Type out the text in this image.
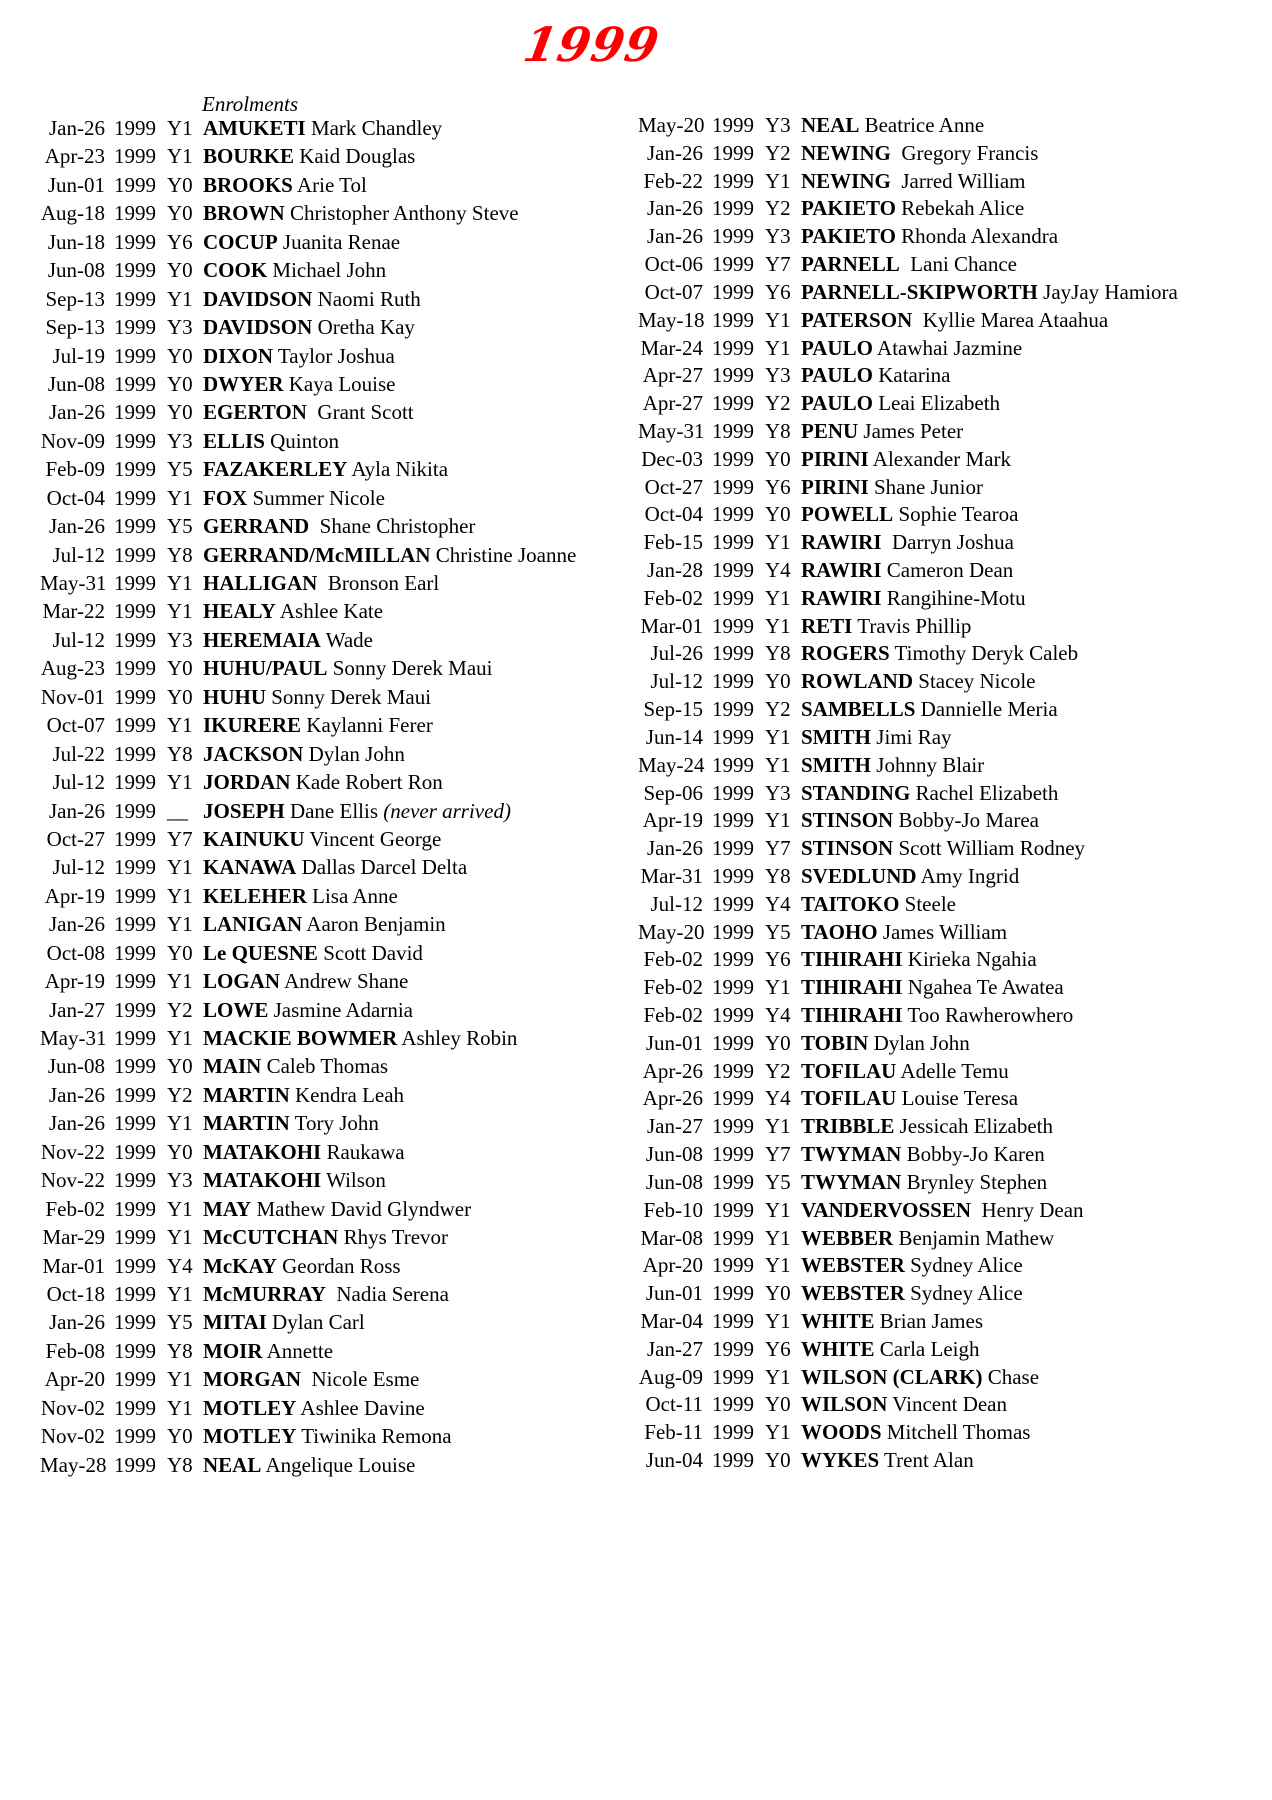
1999
Enrolments
Jan-26 1999 Y1 AMUKETI Mark Chandley
Apr-23 1999 Y1 BOURKE Kaid Douglas
Jun-01 1999 Y0 BROOKS Arie Tol
Aug-18 1999 Y0 BROWN Christopher Anthony Steve
Jun-18 1999 Y6 COCUP Juanita Renae
Jun-08 1999 Y0 COOK Michael John
Sep-13 1999 Y1 DAVIDSON Naomi Ruth
Sep-13 1999 Y3 DAVIDSON Oretha Kay
Jul-19 1999 Y0 DIXON Taylor Joshua
Jun-08 1999 Y0 DWYER Kaya Louise
Jan-26 1999 Y0 EGERTON  Grant Scott
Nov-09 1999 Y3 ELLIS Quinton
Feb-09 1999 Y5 FAZAKERLEY Ayla Nikita
Oct-04 1999 Y1 FOX Summer Nicole
Jan-26 1999 Y5 GERRAND  Shane Christopher
Jul-12 1999 Y8 GERRAND/McMILLAN Christine Joanne
May-31 1999 Y1 HALLIGAN  Bronson Earl
Mar-22 1999 Y1 HEALY Ashlee Kate
Jul-12 1999 Y3 HEREMAIA Wade
Aug-23 1999 Y0 HUHU/PAUL Sonny Derek Maui
Nov-01 1999 Y0 HUHU Sonny Derek Maui
Oct-07 1999 Y1 IKURERE Kaylanni Ferer
Jul-22 1999 Y8 JACKSON Dylan John
Jul-12 1999 Y1 JORDAN Kade Robert Ron
Jan-26 1999 __ JOSEPH Dane Ellis (never arrived)
Oct-27 1999 Y7 KAINUKU Vincent George
Jul-12 1999 Y1 KANAWA Dallas Darcel Delta
Apr-19 1999 Y1 KELEHER Lisa Anne
Jan-26 1999 Y1 LANIGAN Aaron Benjamin
Oct-08 1999 Y0 Le QUESNE Scott David
Apr-19 1999 Y1 LOGAN Andrew Shane
Jan-27 1999 Y2 LOWE Jasmine Adarnia
May-31 1999 Y1 MACKIE BOWMER Ashley Robin
Jun-08 1999 Y0 MAIN Caleb Thomas
Jan-26 1999 Y2 MARTIN Kendra Leah
Jan-26 1999 Y1 MARTIN Tory John
Nov-22 1999 Y0 MATAKOHI Raukawa
Nov-22 1999 Y3 MATAKOHI Wilson
Feb-02 1999 Y1 MAY Mathew David Glyndwer
Mar-29 1999 Y1 McCUTCHAN Rhys Trevor
Mar-01 1999 Y4 McKAY Geordan Ross
Oct-18 1999 Y1 McMURRAY  Nadia Serena
Jan-26 1999 Y5 MITAI Dylan Carl
Feb-08 1999 Y8 MOIR Annette
Apr-20 1999 Y1 MORGAN  Nicole Esme
Nov-02 1999 Y1 MOTLEY Ashlee Davine
Nov-02 1999 Y0 MOTLEY Tiwinika Remona
May-28 1999 Y8 NEAL Angelique Louise
May-20 1999 Y3 NEAL Beatrice Anne
Jan-26 1999 Y2 NEWING  Gregory Francis
Feb-22 1999 Y1 NEWING  Jarred William
Jan-26 1999 Y2 PAKIETO Rebekah Alice
Jan-26 1999 Y3 PAKIETO Rhonda Alexandra
Oct-06 1999 Y7 PARNELL  Lani Chance
Oct-07 1999 Y6 PARNELL-SKIPWORTH JayJay Hamiora
May-18 1999 Y1 PATERSON  Kyllie Marea Ataahua
Mar-24 1999 Y1 PAULO Atawhai Jazmine
Apr-27 1999 Y3 PAULO Katarina
Apr-27 1999 Y2 PAULO Leai Elizabeth
May-31 1999 Y8 PENU James Peter
Dec-03 1999 Y0 PIRINI Alexander Mark
Oct-27 1999 Y6 PIRINI Shane Junior
Oct-04 1999 Y0 POWELL Sophie Tearoa
Feb-15 1999 Y1 RAWIRI  Darryn Joshua
Jan-28 1999 Y4 RAWIRI Cameron Dean
Feb-02 1999 Y1 RAWIRI Rangihine-Motu
Mar-01 1999 Y1 RETI Travis Phillip
Jul-26 1999 Y8 ROGERS Timothy Deryk Caleb
Jul-12 1999 Y0 ROWLAND Stacey Nicole
Sep-15 1999 Y2 SAMBELLS Dannielle Meria
Jun-14 1999 Y1 SMITH Jimi Ray
May-24 1999 Y1 SMITH Johnny Blair
Sep-06 1999 Y3 STANDING Rachel Elizabeth
Apr-19 1999 Y1 STINSON Bobby-Jo Marea
Jan-26 1999 Y7 STINSON Scott William Rodney
Mar-31 1999 Y8 SVEDLUND Amy Ingrid
Jul-12 1999 Y4 TAITOKO Steele
May-20 1999 Y5 TAOHO James William
Feb-02 1999 Y6 TIHIRAHI Kirieka Ngahia
Feb-02 1999 Y1 TIHIRAHI Ngahea Te Awatea
Feb-02 1999 Y4 TIHIRAHI Too Rawherowhero
Jun-01 1999 Y0 TOBIN Dylan John
Apr-26 1999 Y2 TOFILAU Adelle Temu
Apr-26 1999 Y4 TOFILAU Louise Teresa
Jan-27 1999 Y1 TRIBBLE Jessicah Elizabeth
Jun-08 1999 Y7 TWYMAN Bobby-Jo Karen
Jun-08 1999 Y5 TWYMAN Brynley Stephen
Feb-10 1999 Y1 VANDERVOSSEN  Henry Dean
Mar-08 1999 Y1 WEBBER Benjamin Mathew
Apr-20 1999 Y1 WEBSTER Sydney Alice
Jun-01 1999 Y0 WEBSTER Sydney Alice
Mar-04 1999 Y1 WHITE Brian James
Jan-27 1999 Y6 WHITE Carla Leigh
Aug-09 1999 Y1 WILSON (CLARK) Chase
Oct-11 1999 Y0 WILSON Vincent Dean
Feb-11 1999 Y1 WOODS Mitchell Thomas
Jun-04 1999 Y0 WYKES Trent Alan
